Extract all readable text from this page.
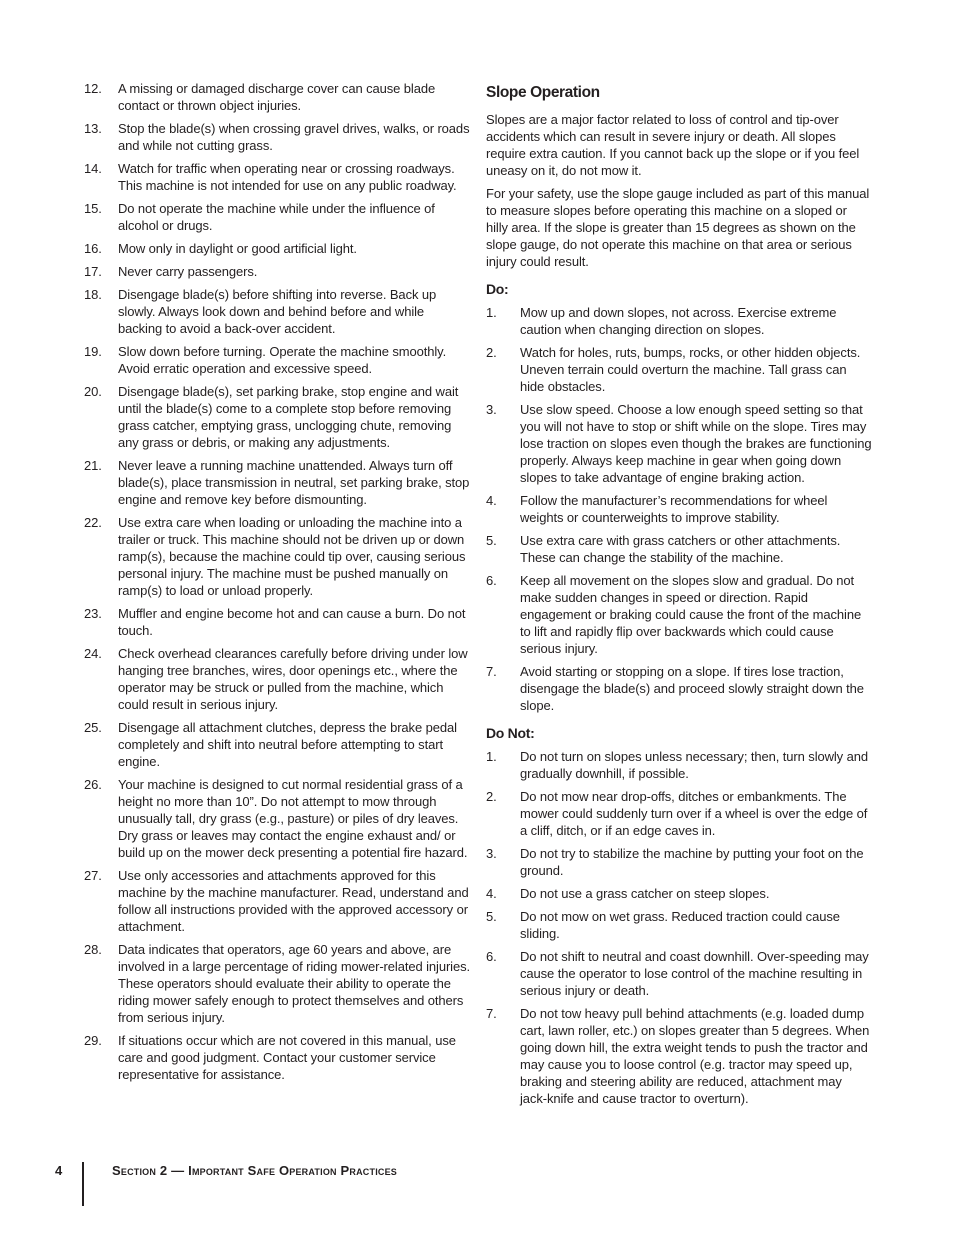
12.	A missing or damaged discharge cover can cause blade contact or thrown object injuries.
13.	Stop the blade(s) when crossing gravel drives, walks, or roads and while not cutting grass.
14.	Watch for traffic when operating near or crossing roadways. This machine is not intended for use on any public roadway.
15.	Do not operate the machine while under the influence of alcohol or drugs.
16.	Mow only in daylight or good artificial light.
17.	Never carry passengers.
18.	Disengage blade(s) before shifting into reverse. Back up slowly. Always look down and behind before and while backing to avoid a back-over accident.
19.	Slow down before turning. Operate the machine smoothly. Avoid erratic operation and excessive speed.
20.	Disengage blade(s), set parking brake, stop engine and wait until the blade(s) come to a complete stop before removing grass catcher, emptying grass, unclogging chute, removing any grass or debris, or making any adjustments.
21.	Never leave a running machine unattended. Always turn off blade(s), place transmission in neutral, set parking brake, stop engine and remove key before dismounting.
22.	Use extra care when loading or unloading the machine into a trailer or truck. This machine should not be driven up or down ramp(s), because the machine could tip over, causing serious personal injury. The machine must be pushed manually on ramp(s) to load or unload properly.
23.	Muffler and engine become hot and can cause a burn. Do not touch.
24.	Check overhead clearances carefully before driving under low hanging tree branches, wires, door openings etc., where the operator may be struck or pulled from the machine, which could result in serious injury.
25.	Disengage all attachment clutches, depress the brake pedal completely and shift into neutral before attempting to start engine.
26.	Your machine is designed to cut normal residential grass of a height no more than 10”. Do not attempt to mow through unusually tall, dry grass (e.g., pasture) or piles of dry leaves. Dry grass or leaves may contact the engine exhaust and/ or build up on the mower deck presenting a potential fire hazard.
27.	Use only accessories and attachments approved for this machine by the machine manufacturer. Read, understand and follow all instructions provided with the approved accessory or attachment.
28.	Data indicates that operators, age 60 years and above, are involved in a large percentage of riding mower-related injuries. These operators should evaluate their ability to operate the riding mower safely enough to protect themselves and others from serious injury.
29.	If situations occur which are not covered in this manual, use care and good judgment. Contact your customer service representative for assistance.
Slope Operation

Slopes are a major factor related to loss of control and tip-over accidents which can result in severe injury or death. All slopes require extra caution. If you cannot back up the slope or if you feel uneasy on it, do not mow it.

For your safety, use the slope gauge included as part of this manual to measure slopes before operating this machine on a sloped or hilly area. If the slope is greater than 15 degrees as shown on the slope gauge, do not operate this machine on that area or serious injury could result.

Do:
1.	Mow up and down slopes, not across. Exercise extreme caution when changing direction on slopes.
2.	Watch for holes, ruts, bumps, rocks, or other hidden objects. Uneven terrain could overturn the machine. Tall grass can hide obstacles.
3.	Use slow speed. Choose a low enough speed setting so that you will not have to stop or shift while on the slope. Tires may lose traction on slopes even though the brakes are functioning properly. Always keep machine in gear when going down slopes to take advantage of engine braking action.
4.	Follow the manufacturer’s recommendations for wheel weights or counterweights to improve stability.
5.	Use extra care with grass catchers or other attachments. These can change the stability of the machine.
6.	Keep all movement on the slopes slow and gradual. Do not make sudden changes in speed or direction. Rapid engagement or braking could cause the front of the machine to lift and rapidly flip over backwards which could cause serious injury.
7.	Avoid starting or stopping on a slope. If tires lose traction, disengage the blade(s) and proceed slowly straight down the slope.
Do Not:
1.	Do not turn on slopes unless necessary; then, turn slowly and gradually downhill, if possible.
2.	Do not mow near drop-offs, ditches or embankments. The mower could suddenly turn over if a wheel is over the edge of a cliff, ditch, or if an edge caves in.
3.	Do not try to stabilize the machine by putting your foot on the ground.
4.	Do not use a grass catcher on steep slopes.
5.	Do not mow on wet grass. Reduced traction could cause sliding.
6.	Do not shift to neutral and coast downhill. Over-speeding may cause the operator to lose control of the machine resulting in serious injury or death.
7.	Do not tow heavy pull behind attachments (e.g. loaded dump cart, lawn roller, etc.) on slopes greater than 5 degrees. When going down hill, the extra weight tends to push the tractor and may cause you to loose control (e.g. tractor may speed up, braking and steering ability are reduced, attachment may jack-knife and cause tractor to overturn).
4	Section 2 — Important Safe Operation Practices
